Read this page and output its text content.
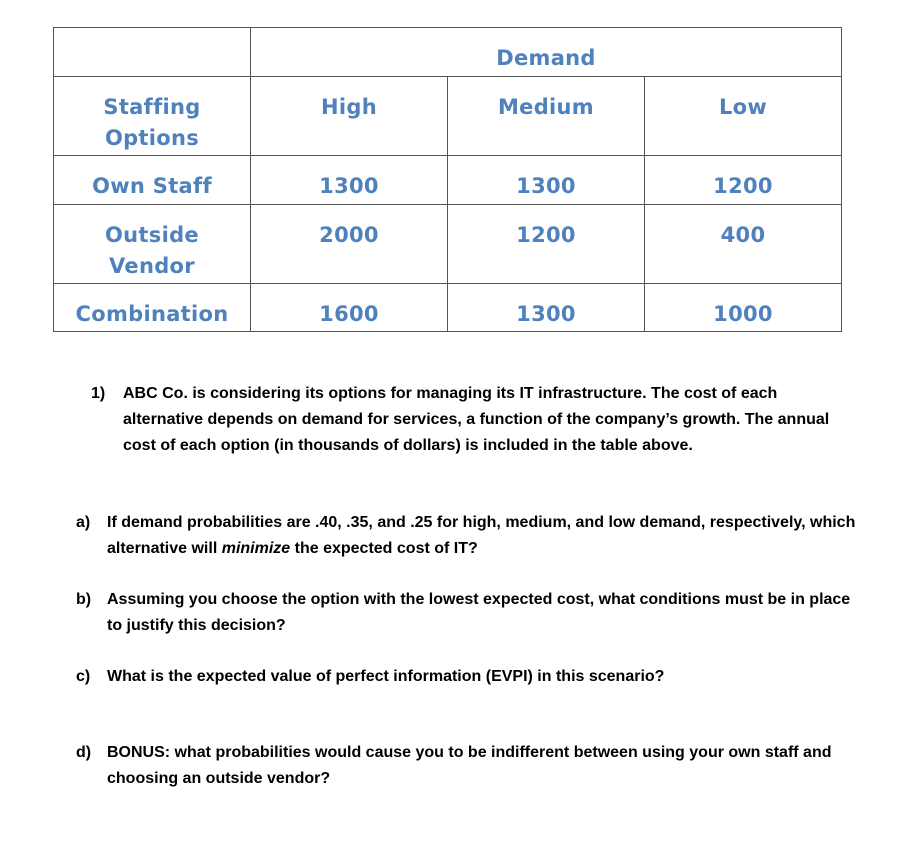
	Demand		

Staffing Options	High	Medium	Low

Own Staff	1300	1300	1200

Outside Vendor	2000	1200	400

Combination	1600	1300	1000
1) ABC Co. is considering its options for managing its IT infrastructure. The cost of each alternative depends on demand for services, a function of the company’s growth. The annual cost of each option (in thousands of dollars) is included in the table above.
a) If demand probabilities are .40, .35, and .25 for high, medium, and low demand, respectively, which alternative will minimize the expected cost of IT?
b) Assuming you choose the option with the lowest expected cost, what conditions must be in place to justify this decision?
c) What is the expected value of perfect information (EVPI) in this scenario?
d) BONUS: what probabilities would cause you to be indifferent between using your own staff and choosing an outside vendor?
